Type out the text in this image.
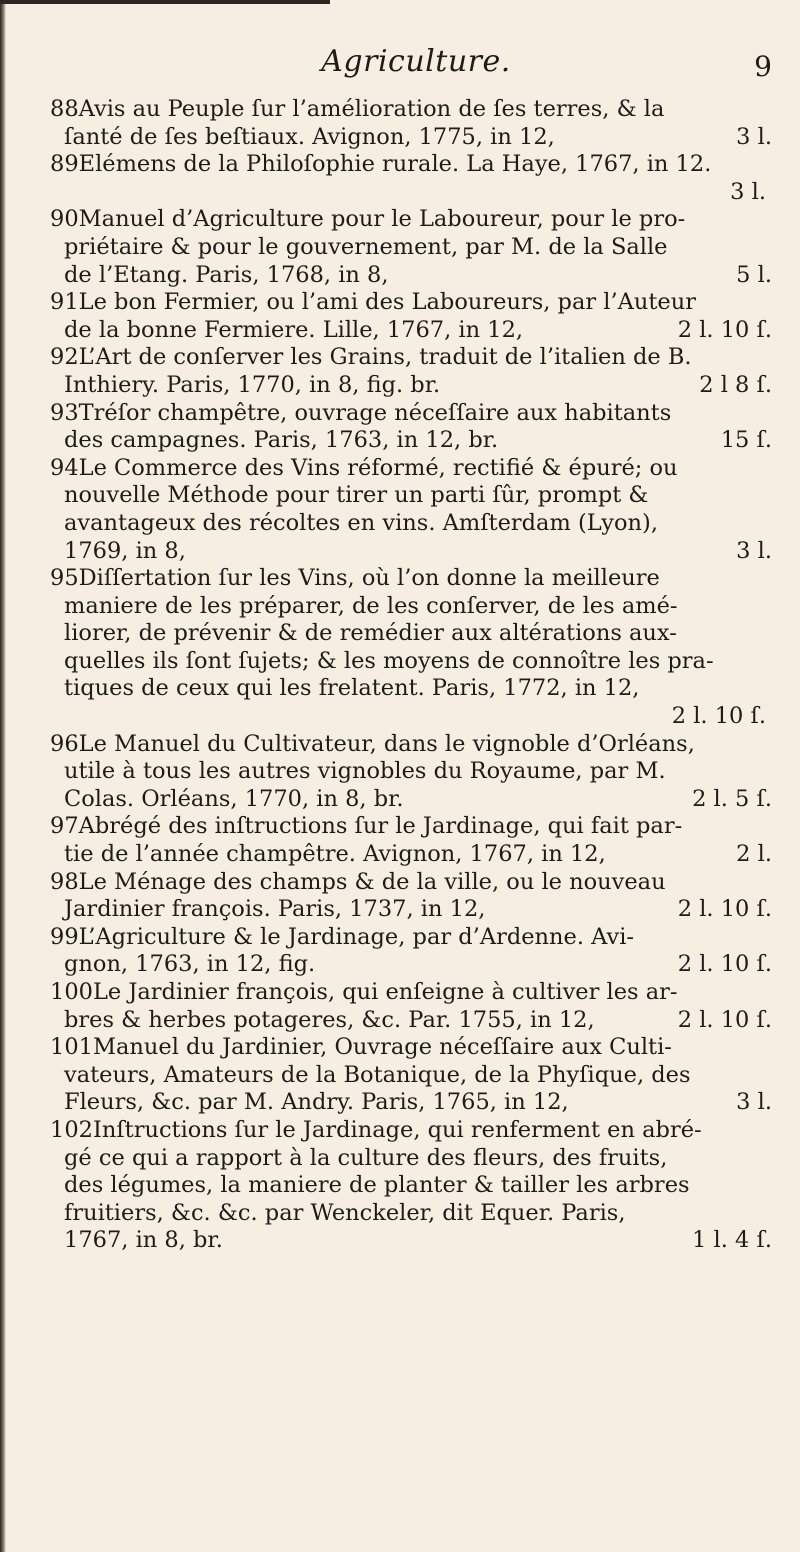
Agriculture.	9
88Avis au Peuple ſur l’amélioration de ſes terres, & la
ſanté de ſes beſtiaux. Avignon, 1775, in 12,	3 l.
89Elémens de la Philoſophie rurale. La Haye, 1767, in 12.
3 l.
90Manuel d’Agriculture pour le Laboureur, pour le pro-
priétaire & pour le gouvernement, par M. de la Salle
de l’Etang. Paris, 1768, in 8,	5 l.
91Le bon Fermier, ou l’ami des Laboureurs, par l’Auteur
de la bonne Fermiere. Lille, 1767, in 12,	2 l. 10 ſ.
92L’Art de conſerver les Grains, traduit de l’italien de B.
Inthiery. Paris, 1770, in 8, fig. br.	2 l 8 ſ.
93Tréſor champêtre, ouvrage néceſſaire aux habitants
des campagnes. Paris, 1763, in 12, br.	15 ſ.
94Le Commerce des Vins réformé, rectifié & épuré; ou
nouvelle Méthode pour tirer un parti ſûr, prompt &
avantageux des récoltes en vins. Amſterdam (Lyon),
1769, in 8,	3 l.
95Diſſertation ſur les Vins, où l’on donne la meilleure
maniere de les préparer, de les conſerver, de les amé-
liorer, de prévenir & de remédier aux altérations aux-
quelles ils ſont ſujets; & les moyens de connoître les pra-
tiques de ceux qui les frelatent. Paris, 1772, in 12,
2 l. 10 ſ.
96Le Manuel du Cultivateur, dans le vignoble d’Orléans,
utile à tous les autres vignobles du Royaume, par M.
Colas. Orléans, 1770, in 8, br.	2 l. 5 ſ.
97Abrégé des inſtructions ſur le Jardinage, qui fait par-
tie de l’année champêtre. Avignon, 1767, in 12,	2 l.
98Le Ménage des champs & de la ville, ou le nouveau
Jardinier françois. Paris, 1737, in 12,	2 l. 10 ſ.
99L’Agriculture & le Jardinage, par d’Ardenne. Avi-
gnon, 1763, in 12, fig.	2 l. 10 ſ.
100Le Jardinier françois, qui enſeigne à cultiver les ar-
bres & herbes potageres, &c. Par. 1755, in 12,	2 l. 10 ſ.
101Manuel du Jardinier, Ouvrage néceſſaire aux Culti-
vateurs, Amateurs de la Botanique, de la Phyſique, des
Fleurs, &c. par M. Andry. Paris, 1765, in 12,	3 l.
102Inſtructions ſur le Jardinage, qui renferment en abré-
gé ce qui a rapport à la culture des fleurs, des fruits,
des légumes, la maniere de planter & tailler les arbres
fruitiers, &c. &c. par Wenckeler, dit Equer. Paris,
1767, in 8, br.	1 l. 4 ſ.
